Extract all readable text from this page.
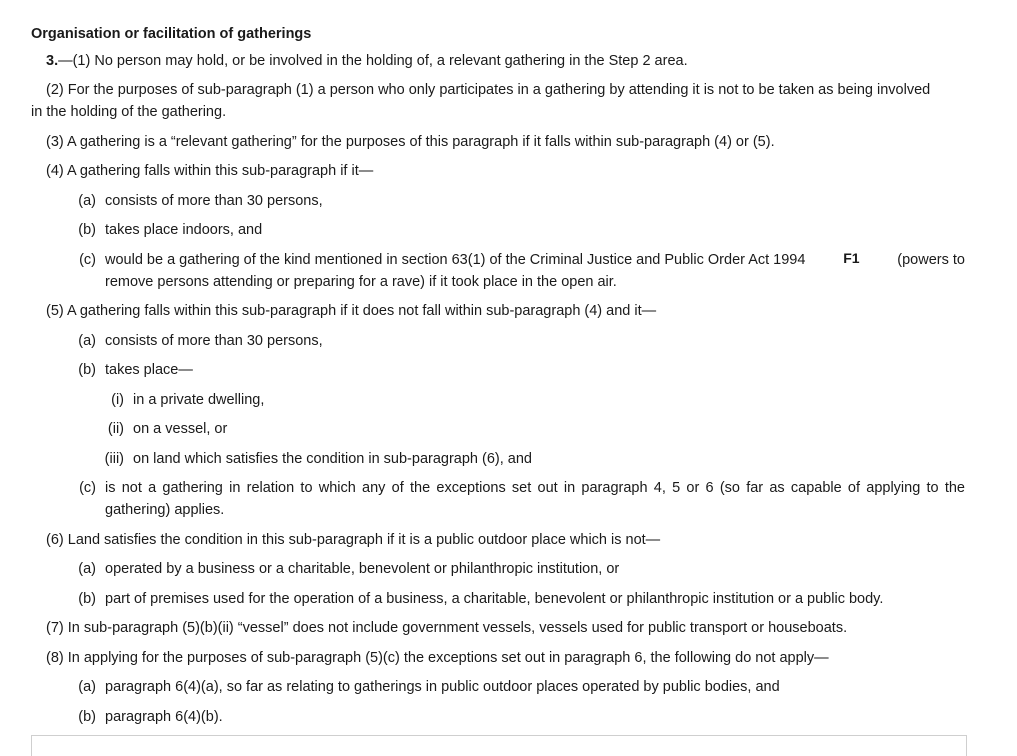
Organisation or facilitation of gatherings
3.—(1) No person may hold, or be involved in the holding of, a relevant gathering in the Step 2 area.
(2) For the purposes of sub-paragraph (1) a person who only participates in a gathering by attending it is not to be taken as being involved
in the holding of the gathering.
(3) A gathering is a “relevant gathering” for the purposes of this paragraph if it falls within sub-paragraph (4) or (5).
(4) A gathering falls within this sub-paragraph if it—
(a) consists of more than 30 persons,
(b) takes place indoors, and
(c) would be a gathering of the kind mentioned in section 63(1) of the Criminal Justice and Public Order Act 1994	F1	(powers to
remove persons attending or preparing for a rave) if it took place in the open air.
(5) A gathering falls within this sub-paragraph if it does not fall within sub-paragraph (4) and it—
(a) consists of more than 30 persons,
(b) takes place—
(i) in a private dwelling,
(ii) on a vessel, or
(iii) on land which satisfies the condition in sub-paragraph (6), and
(c) is not a gathering in relation to which any of the exceptions set out in paragraph 4, 5 or 6 (so far as capable of applying to the
gathering) applies.
(6) Land satisfies the condition in this sub-paragraph if it is a public outdoor place which is not—
(a) operated by a business or a charitable, benevolent or philanthropic institution, or
(b) part of premises used for the operation of a business, a charitable, benevolent or philanthropic institution or a public body.
(7) In sub-paragraph (5)(b)(ii) “vessel” does not include government vessels, vessels used for public transport or houseboats.
(8) In applying for the purposes of sub-paragraph (5)(c) the exceptions set out in paragraph 6, the following do not apply—
(a) paragraph 6(4)(a), so far as relating to gatherings in public outdoor places operated by public bodies, and
(b) paragraph 6(4)(b).
